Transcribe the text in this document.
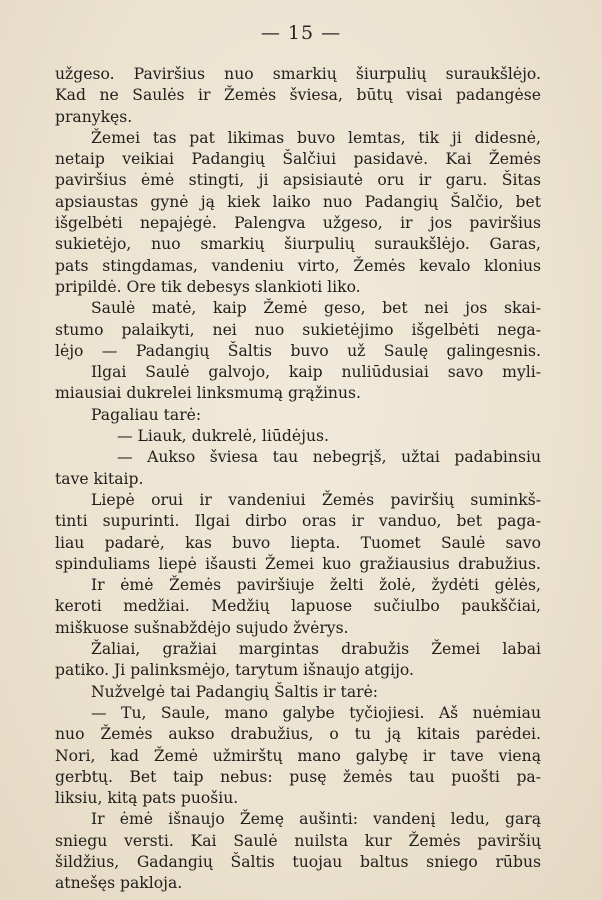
— 15 —
užgeso. Paviršius nuo smarkių šiurpulių suraukšlėjo.
Kad ne Saulės ir Žemės šviesa, būtų visai padangėse
pranykęs.
Žemei tas pat likimas buvo lemtas, tik ji didesnė,
netaip veikiai Padangių Šalčiui pasidavė. Kai Žemės
paviršius ėmė stingti, ji apsisiautė oru ir garu. Šitas
apsiaustas gynė ją kiek laiko nuo Padangių Šalčio, bet
išgelbėti nepajėgė. Palengva užgeso, ir jos paviršius
sukietėjo, nuo smarkių šiurpulių suraukšlėjo. Garas,
pats stingdamas, vandeniu virto, Žemės kevalo klonius
pripildė. Ore tik debesys slankioti liko.
Saulė matė, kaip Žemė geso, bet nei jos skai-
stumo palaikyti, nei nuo sukietėjimo išgelbėti nega-
lėjo — Padangių Šaltis buvo už Saulę galingesnis.
Ilgai Saulė galvojo, kaip nuliūdusiai savo myli-
miausiai dukrelei linksmumą grąžinus.
Pagaliau tarė:
— Liauk, dukrelė, liūdėjus.
— Aukso šviesa tau nebegrįš, užtai padabinsiu
tave kitaip.
Liepė orui ir vandeniui Žemės paviršių suminkš-
tinti supurinti. Ilgai dirbo oras ir vanduo, bet paga-
liau padarė, kas buvo liepta. Tuomet Saulė savo
spinduliams liepė išausti Žemei kuo gražiausius drabužius.
Ir ėmė Žemės paviršiuje želti žolė, žydėti gėlės,
keroti medžiai. Medžių lapuose sučiulbo paukščiai,
miškuose sušnabždėjo sujudo žvėrys.
Žaliai, gražiai margintas drabužis Žemei labai
patiko. Ji palinksmėjo, tarytum išnaujo atgijo.
Nužvelgė tai Padangių Šaltis ir tarė:
— Tu, Saule, mano galybe tyčiojiesi. Aš nuėmiau
nuo Žemės aukso drabužius, o tu ją kitais parėdei.
Nori, kad Žemė užmirštų mano galybę ir tave vieną
gerbtų. Bet taip nebus: pusę žemės tau puošti pa-
liksiu, kitą pats puošiu.
Ir ėmė išnaujo Žemę aušinti: vandenį ledu, garą
sniegu versti. Kai Saulė nuilsta kur Žemės paviršių
šildžius, Gadangių Šaltis tuojau baltus sniego rūbus
atnešęs pakloja.
